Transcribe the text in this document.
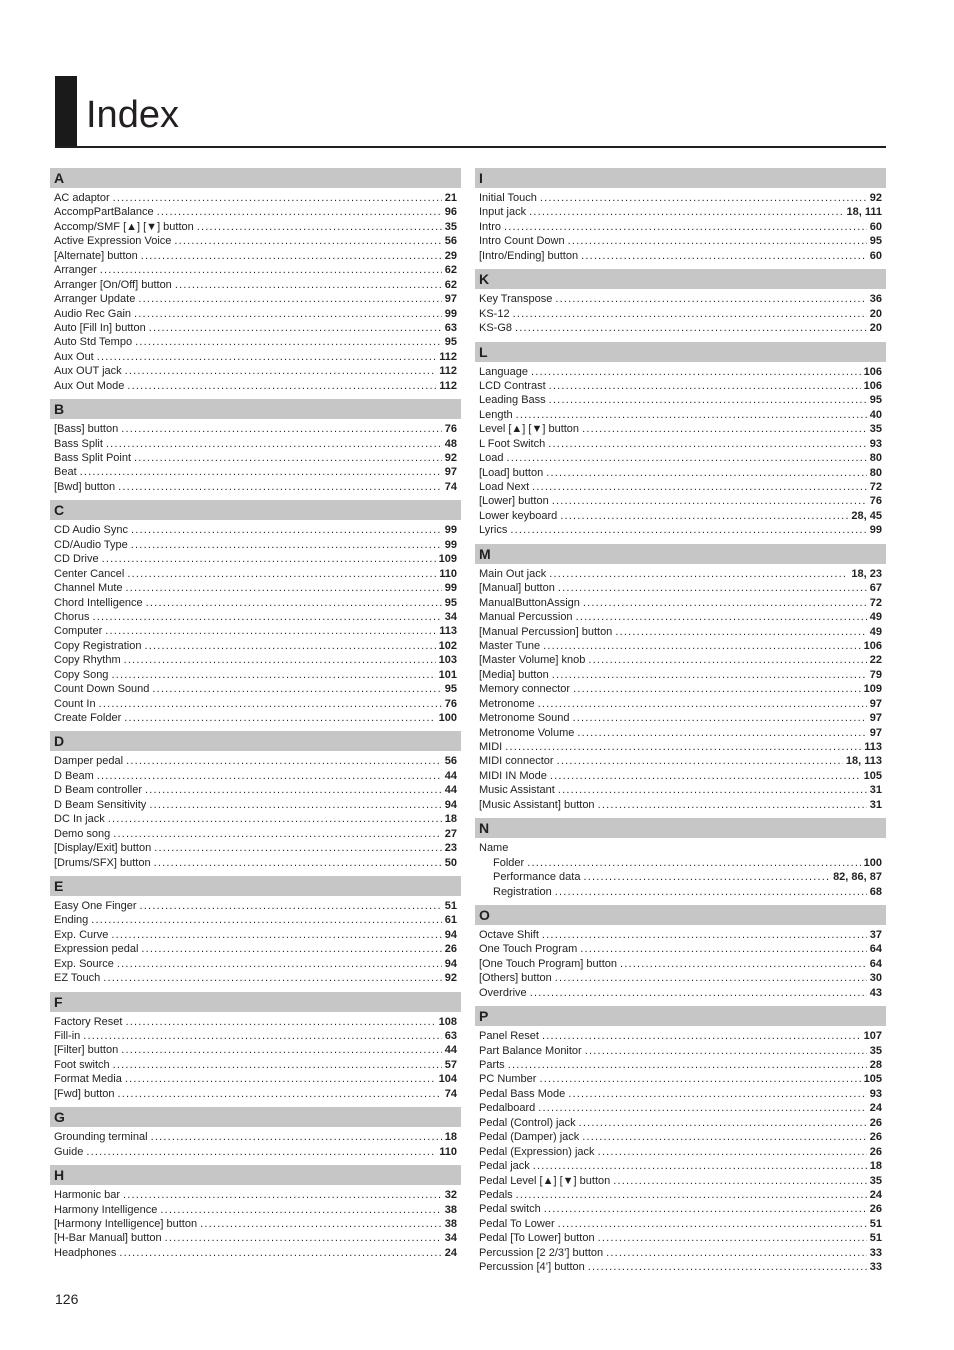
Index
A
AC adaptor .....	21
AccompPartBalance .....	96
Accomp/SMF [▲] [▼] button .....	35
Active Expression Voice .....	56
[Alternate] button .....	29
Arranger .....	62
Arranger [On/Off] button .....	62
Arranger Update .....	97
Audio Rec Gain .....	99
Auto [Fill In] button .....	63
Auto Std Tempo .....	95
Aux Out .....	112
Aux OUT jack .....	112
Aux Out Mode .....	112
B
[Bass] button .....	76
Bass Split .....	48
Bass Split Point .....	92
Beat .....	97
[Bwd] button .....	74
C
CD Audio Sync .....	99
CD/Audio Type .....	99
CD Drive .....	109
Center Cancel .....	110
Channel Mute .....	99
Chord Intelligence .....	95
Chorus .....	34
Computer .....	113
Copy Registration .....	102
Copy Rhythm .....	103
Copy Song .....	101
Count Down Sound .....	95
Count In .....	76
Create Folder .....	100
D
Damper pedal .....	56
D Beam .....	44
D Beam controller .....	44
D Beam Sensitivity .....	94
DC In jack .....	18
Demo song .....	27
[Display/Exit] button .....	23
[Drums/SFX] button .....	50
E
Easy One Finger .....	51
Ending .....	61
Exp. Curve .....	94
Expression pedal .....	26
Exp. Source .....	94
EZ Touch .....	92
F
Factory Reset .....	108
Fill-in .....	63
[Filter] button .....	44
Foot switch .....	57
Format Media .....	104
[Fwd] button .....	74
G
Grounding terminal .....	18
Guide .....	110
H
Harmonic bar .....	32
Harmony Intelligence .....	38
[Harmony Intelligence] button .....	38
[H-Bar Manual] button .....	34
Headphones .....	24
I
Initial Touch .....	92
Input jack .....	18, 111
Intro .....	60
Intro Count Down .....	95
[Intro/Ending] button .....	60
K
Key Transpose .....	36
KS-12 .....	20
KS-G8 .....	20
L
Language .....	106
LCD Contrast .....	106
Leading Bass .....	95
Length .....	40
Level [▲] [▼] button .....	35
L Foot Switch .....	93
Load .....	80
[Load] button .....	80
Load Next .....	72
[Lower] button .....	76
Lower keyboard .....	28, 45
Lyrics .....	99
M
Main Out jack .....	18, 23
[Manual] button .....	67
ManualButtonAssign .....	72
Manual Percussion .....	49
[Manual Percussion] button .....	49
Master Tune .....	106
[Master Volume] knob .....	22
[Media] button .....	79
Memory connector .....	109
Metronome .....	97
Metronome Sound .....	97
Metronome Volume .....	97
MIDI .....	113
MIDI connector .....	18, 113
MIDI IN Mode .....	105
Music Assistant .....	31
[Music Assistant] button .....	31
N
Name
Folder .....	100
Performance data .....	82, 86, 87
Registration .....	68
O
Octave Shift .....	37
One Touch Program .....	64
[One Touch Program] button .....	64
[Others] button .....	30
Overdrive .....	43
P
Panel Reset .....	107
Part Balance Monitor .....	35
Parts .....	28
PC Number .....	105
Pedal Bass Mode .....	93
Pedalboard .....	24
Pedal (Control) jack .....	26
Pedal (Damper) jack .....	26
Pedal (Expression) jack .....	26
Pedal jack .....	18
Pedal Level [▲] [▼] button .....	35
Pedals .....	24
Pedal switch .....	26
Pedal To Lower .....	51
Pedal [To Lower] button .....	51
Percussion [2 2/3’] button .....	33
Percussion [4’] button .....	33
126
